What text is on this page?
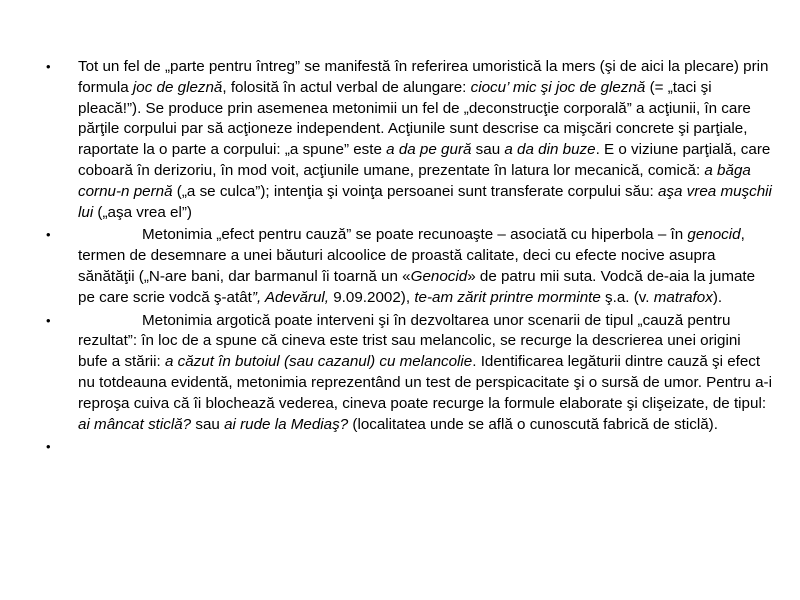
• Tot un fel de „parte pentru întreg” se manifestă în referirea umoristică la mers (şi de aici la plecare) prin formula joc de gleznă, folosită în actul verbal de alungare: ciocu’ mic şi joc de gleznă (= „taci şi pleacă!”). Se produce prin asemenea metonimii un fel de „deconstrucţie corporală” a acţiunii, în care părţile corpului par să acţioneze independent. Acţiunile sunt descrise ca mişcări concrete şi parţiale, raportate la o parte a corpului: „a spune” este a da pe gură sau a da din buze. E o viziune parţială, care coboară în derizoriu, în mod voit, acţiunile umane, prezentate în latura lor mecanică, comică: a băga cornu-n pernă („a se culca”); intenţia şi voinţa persoanei sunt transferate corpului său: aşa vrea muşchii lui („aşa vrea el”)
•	Metonimia „efect pentru cauză” se poate recunoaşte – asociată cu hiperbola – în genocid, termen de desemnare a unei băuturi alcoolice de proastă calitate, deci cu efecte nocive asupra sănătăţii („N-are bani, dar barmanul îi toarnă un «Genocid» de patru mii suta. Vodcă de-aia la jumate pe care scrie vodcă ş-atât”, Adevărul, 9.09.2002), te-am zărit printre morminte ş.a. (v. matrafox).
•	Metonimia argotică poate interveni şi în dezvoltarea unor scenarii de tipul „cauză pentru rezultat”: în loc de a spune că cineva este trist sau melancolic, se recurge la descrierea unei origini bufe a stării: a căzut în butoiul (sau cazanul) cu melancolie. Identificarea legăturii dintre cauză şi efect nu totdeauna evidentă, metonimia reprezentând un test de perspicacitate şi o sursă de umor. Pentru a-i reproşa cuiva că îi blochează vederea, cineva poate recurge la formule elaborate şi clişeizate, de tipul: ai mâncat sticlă? sau ai rude la Mediaş? (localitatea unde se află o cunoscută fabrică de sticlă).
•
